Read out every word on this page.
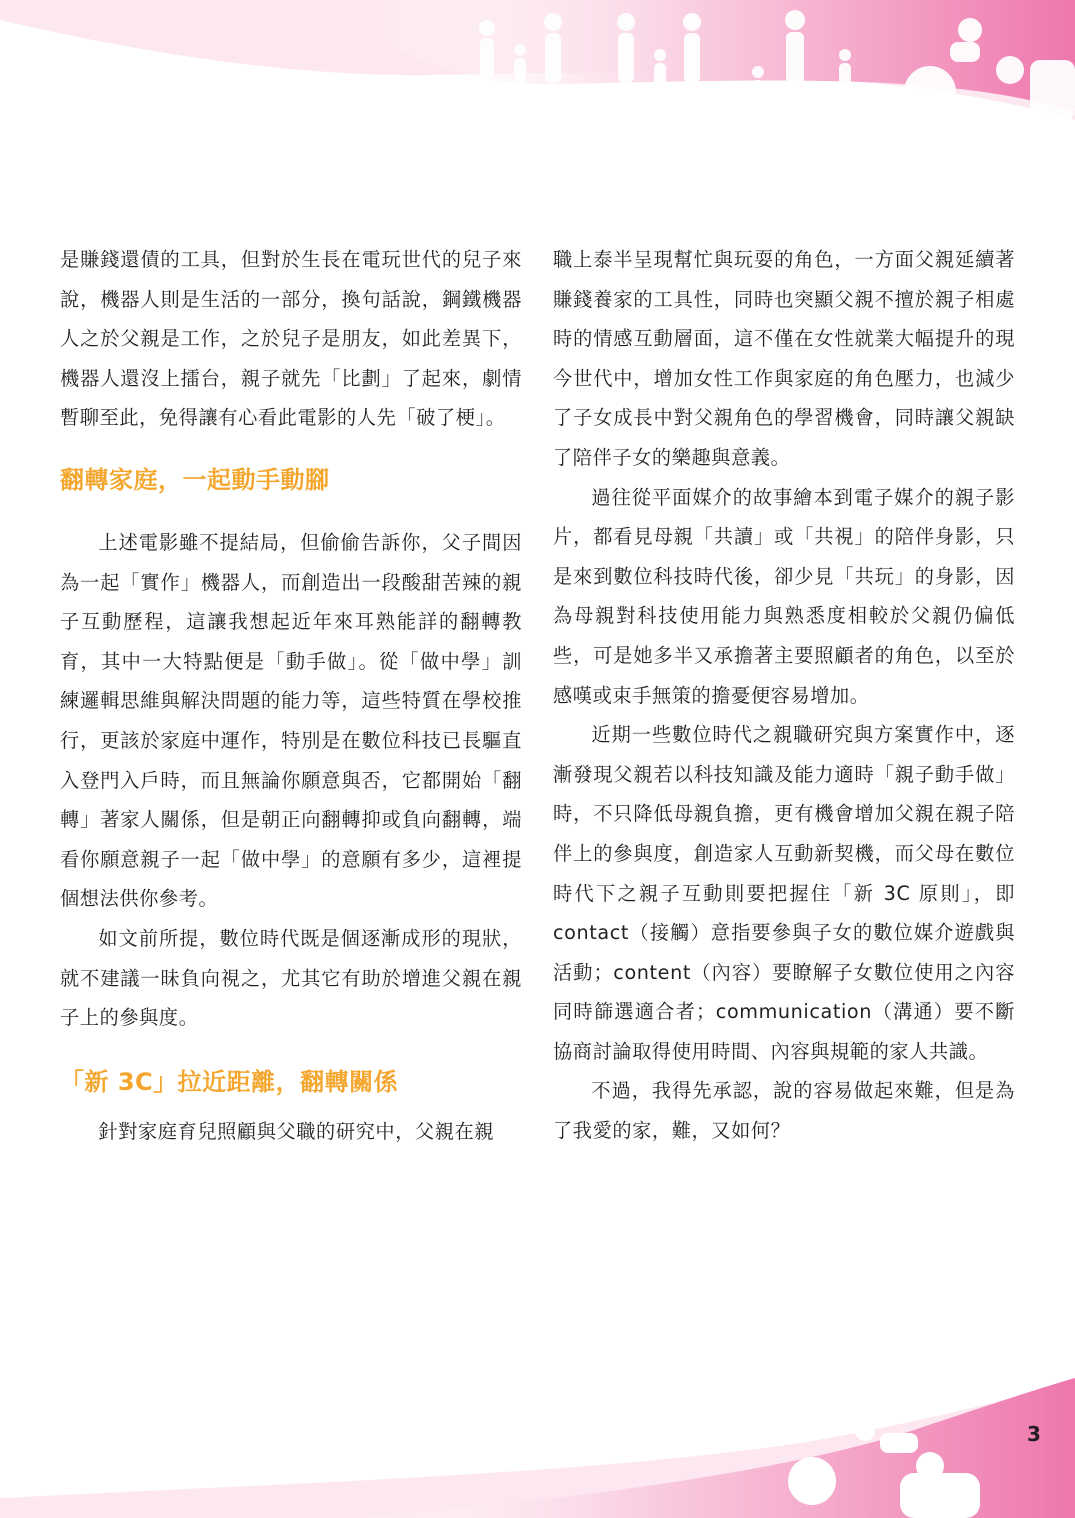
是賺錢還債的工具，但對於生長在電玩世代的兒子來說，機器人則是生活的一部分，換句話說，鋼鐵機器人之於父親是工作，之於兒子是朋友，如此差異下，機器人還沒上擂台，親子就先「比劃」了起來，劇情暫聊至此，免得讓有心看此電影的人先「破了梗」。

翻轉家庭，一起動手動腳

上述電影雖不提結局，但偷偷告訴你，父子間因為一起「實作」機器人，而創造出一段酸甜苦辣的親子互動歷程，這讓我想起近年來耳熟能詳的翻轉教育，其中一大特點便是「動手做」。從「做中學」訓練邏輯思維與解決問題的能力等，這些特質在學校推行，更該於家庭中運作，特別是在數位科技已長驅直入登門入戶時，而且無論你願意與否，它都開始「翻轉」著家人關係，但是朝正向翻轉抑或負向翻轉，端看你願意親子一起「做中學」的意願有多少，這裡提個想法供你參考。

如文前所提，數位時代既是個逐漸成形的現狀，就不建議一昧負向視之，尤其它有助於增進父親在親子上的參與度。

「新 3C」拉近距離，翻轉關係

針對家庭育兒照顧與父職的研究中，父親在親

職上泰半呈現幫忙與玩耍的角色，一方面父親延續著賺錢養家的工具性，同時也突顯父親不擅於親子相處時的情感互動層面，這不僅在女性就業大幅提升的現今世代中，增加女性工作與家庭的角色壓力，也減少了子女成長中對父親角色的學習機會，同時讓父親缺了陪伴子女的樂趣與意義。

過往從平面媒介的故事繪本到電子媒介的親子影片，都看見母親「共讀」或「共視」的陪伴身影，只是來到數位科技時代後，卻少見「共玩」的身影，因為母親對科技使用能力與熟悉度相較於父親仍偏低些，可是她多半又承擔著主要照顧者的角色，以至於感嘆或束手無策的擔憂便容易增加。

近期一些數位時代之親職研究與方案實作中，逐漸發現父親若以科技知識及能力適時「親子動手做」時，不只降低母親負擔，更有機會增加父親在親子陪伴上的參與度，創造家人互動新契機，而父母在數位時代下之親子互動則要把握住「新 3C 原則」，即 contact（接觸）意指要參與子女的數位媒介遊戲與活動；content（內容）要瞭解子女數位使用之內容同時篩選適合者；communication（溝通）要不斷協商討論取得使用時間、內容與規範的家人共識。

不過，我得先承認，說的容易做起來難，但是為了我愛的家，難，又如何？

3
